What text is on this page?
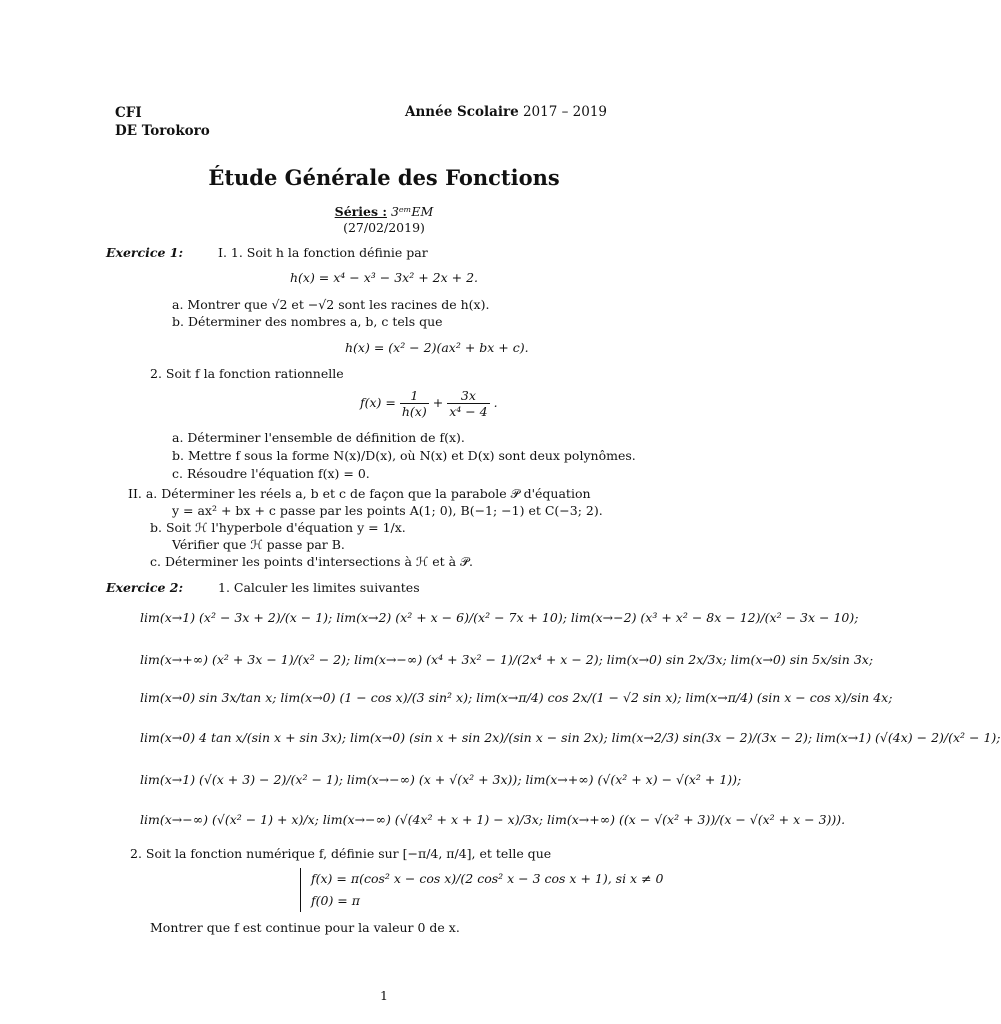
CFI
DE Torokoro
Année Scolaire 2017 – 2019
Étude Générale des Fonctions
Séries : 3ᵉᵐEM
(27/02/2019)
Exercice 1:	I. 1. Soit h la fonction définie par
h(x) = x⁴ − x³ − 3x² + 2x + 2.
a. Montrer que √2 et −√2 sont les racines de h(x).
b. Déterminer des nombres a, b, c tels que
h(x) = (x² − 2)(ax² + bx + c).
2. Soit f la fonction rationnelle
$f(x) = \frac{1}{h(x)} + \frac{3x}{\text{x⁴ − 4}}$ .
a. Déterminer l'ensemble de définition de f(x).
b. Mettre f sous la forme N(x)/D(x), où N(x) et D(x) sont deux polynômes.
c. Résoudre l'équation f(x) = 0.
II. a. Déterminer les réels a, b et c de façon que la parabole 𝒫 d'équation
y = ax² + bx + c passe par les points A(1; 0), B(−1; −1) et C(−3; 2).
b. Soit ℋ l'hyperbole d'équation y = 1/x.
Vérifier que ℋ passe par B.
c. Déterminer les points d'intersections à ℋ et à 𝒫.
Exercice 2:	1. Calculer les limites suivantes
lim(x→1) (x² − 3x + 2)/(x − 1); lim(x→2) (x² + x − 6)/(x² − 7x + 10); lim(x→−2) (x³ + x² − 8x − 12)/(x² − 3x − 10);
lim(x→+∞) (x² + 3x − 1)/(x² − 2); lim(x→−∞) (x⁴ + 3x² − 1)/(2x⁴ + x − 2); lim(x→0) sin 2x/3x; lim(x→0) sin 5x/sin 3x;
lim(x→0) sin 3x/tan x; lim(x→0) (1 − cos x)/(3 sin² x); lim(x→π/4) cos 2x/(1 − √2 sin x); lim(x→π/4) (sin x − cos x)/sin 4x;
lim(x→0) 4 tan x/(sin x + sin 3x); lim(x→0) (sin x + sin 2x)/(sin x − sin 2x); lim(x→2/3) sin(3x − 2)/(3x − 2); lim(x→1) (√(4x) − 2)/(x² − 1);
lim(x→1) (√(x + 3) − 2)/(x² − 1); lim(x→−∞) (x + √(x² + 3x)); lim(x→+∞) (√(x² + x) − √(x² + 1));
lim(x→−∞) (√(x² − 1) + x)/x; lim(x→−∞) (√(4x² + x + 1) − x)/3x; lim(x→+∞) ((x − √(x² + 3))/(x − √(x² + x − 3))).
2. Soit la fonction numérique f, définie sur [−π/4, π/4], et telle que
f(x) = π(cos² x − cos x)/(2 cos² x − 3 cos x + 1), si x ≠ 0
f(0) = π
Montrer que f est continue pour la valeur 0 de x.
1
